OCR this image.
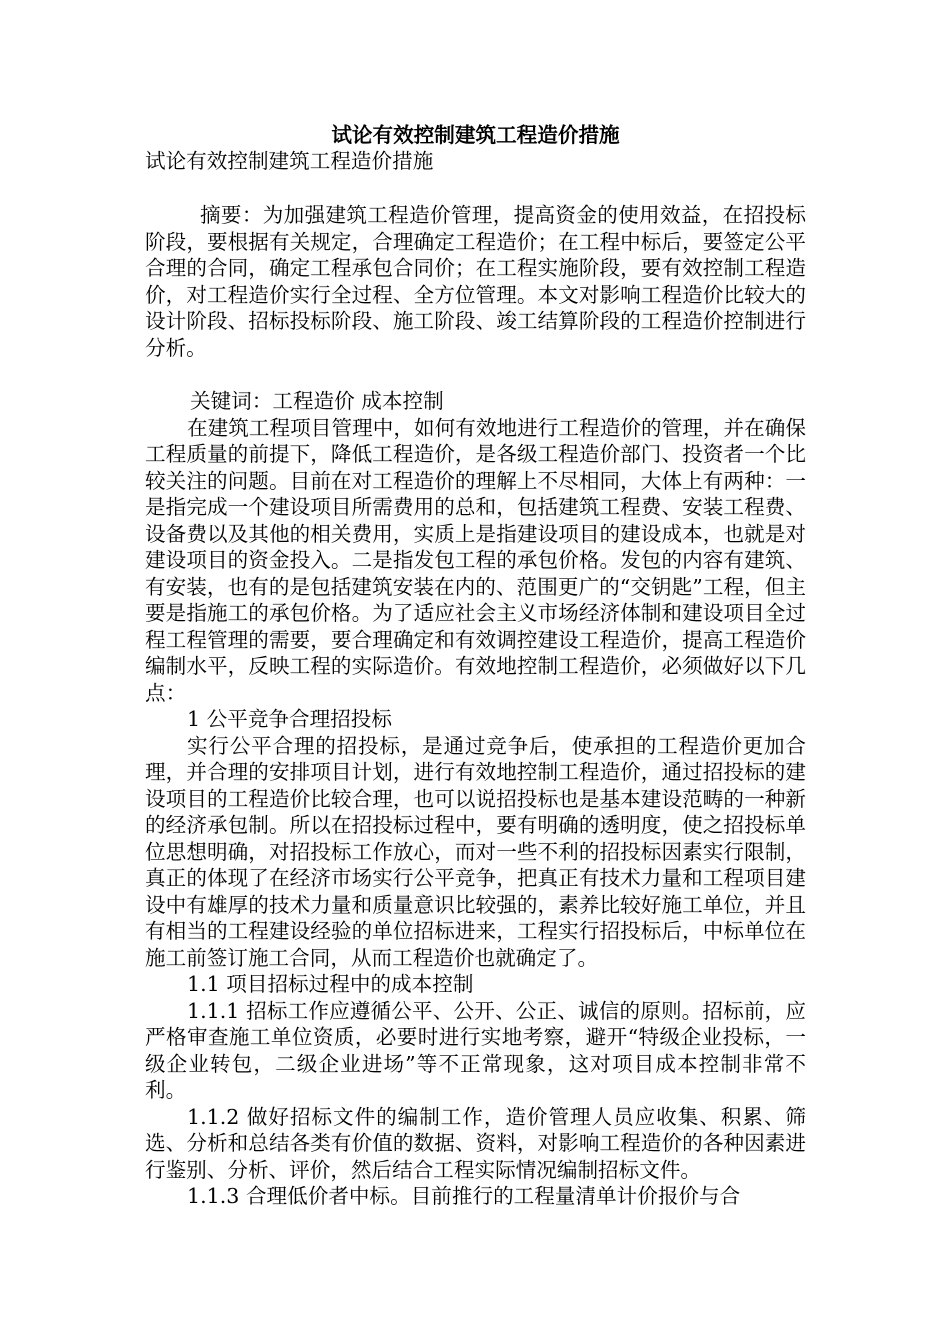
试论有效控制建筑工程造价措施
试论有效控制建筑工程造价措施

摘要：为加强建筑工程造价管理，提高资金的使用效益，在招投标阶段，要根据有关规定，合理确定工程造价；在工程中标后，要签定公平合理的合同，确定工程承包合同价；在工程实施阶段，要有效控制工程造价，对工程造价实行全过程、全方位管理。本文对影响工程造价比较大的设计阶段、招标投标阶段、施工阶段、竣工结算阶段的工程造价控制进行分析。

关键词：工程造价 成本控制

在建筑工程项目管理中，如何有效地进行工程造价的管理，并在确保工程质量的前提下，降低工程造价，是各级工程造价部门、投资者一个比较关注的问题。目前在对工程造价的理解上不尽相同，大体上有两种：一是指完成一个建设项目所需费用的总和，包括建筑工程费、安装工程费、设备费以及其他的相关费用，实质上是指建设项目的建设成本，也就是对建设项目的资金投入。二是指发包工程的承包价格。发包的内容有建筑、有安装，也有的是包括建筑安装在内的、范围更广的“交钥匙”工程，但主要是指施工的承包价格。为了适应社会主义市场经济体制和建设项目全过程工程管理的需要，要合理确定和有效调控建设工程造价，提高工程造价编制水平，反映工程的实际造价。有效地控制工程造价，必须做好以下几点：

1 公平竞争合理招投标

实行公平合理的招投标，是通过竞争后，使承担的工程造价更加合理，并合理的安排项目计划，进行有效地控制工程造价，通过招投标的建设项目的工程造价比较合理，也可以说招投标也是基本建设范畴的一种新的经济承包制。所以在招投标过程中，要有明确的透明度，使之招投标单位思想明确，对招投标工作放心，而对一些不利的招投标因素实行限制，真正的体现了在经济市场实行公平竞争，把真正有技术力量和工程项目建设中有雄厚的技术力量和质量意识比较强的，素养比较好施工单位，并且有相当的工程建设经验的单位招标进来，工程实行招投标后，中标单位在施工前签订施工合同，从而工程造价也就确定了。

1.1 项目招标过程中的成本控制

1.1.1 招标工作应遵循公平、公开、公正、诚信的原则。招标前，应严格审查施工单位资质，必要时进行实地考察，避开“特级企业投标，一级企业转包，二级企业进场”等不正常现象，这对项目成本控制非常不利。

1.1.2 做好招标文件的编制工作，造价管理人员应收集、积累、筛选、分析和总结各类有价值的数据、资料，对影响工程造价的各种因素进行鉴别、分析、评价，然后结合工程实际情况编制招标文件。

1.1.3 合理低价者中标。目前推行的工程量清单计价报价与合
